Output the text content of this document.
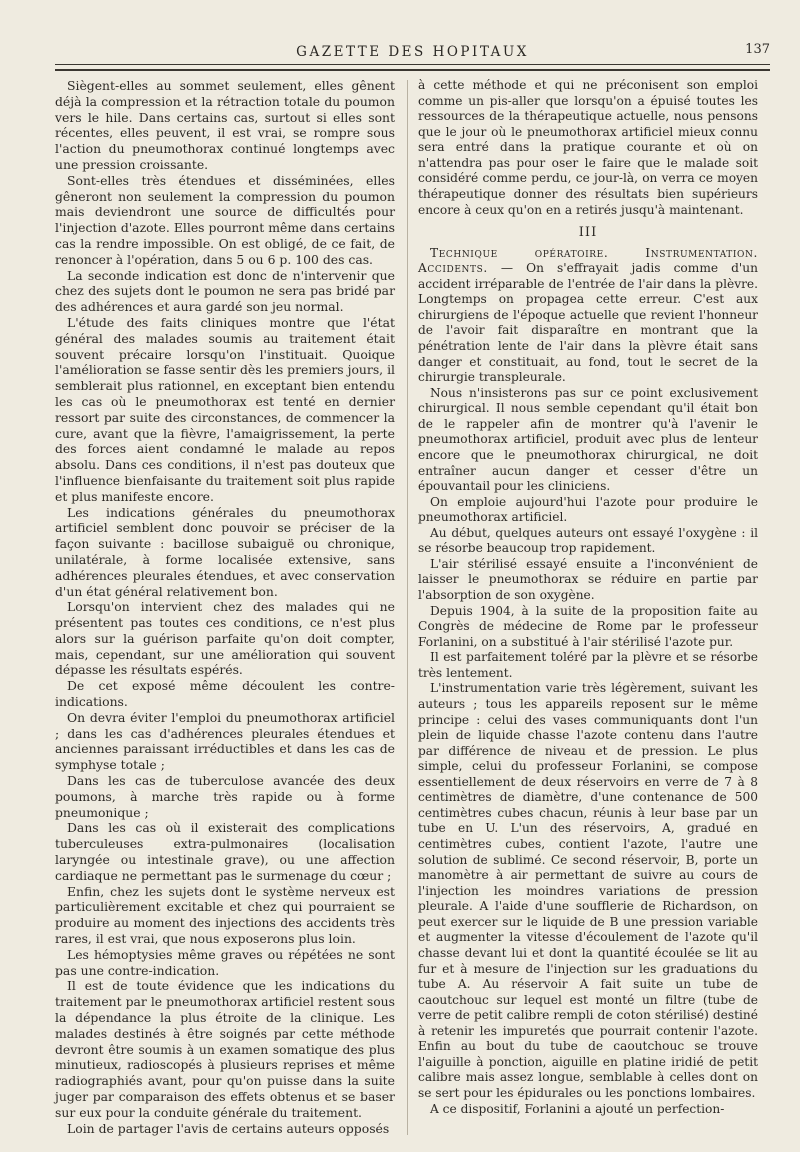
GAZETTE DES HOPITAUX	137

Siègent-elles au sommet seulement, elles gênent déjà la compression et la rétraction totale du poumon vers le hile. Dans certains cas, surtout si elles sont récentes, elles peuvent, il est vrai, se rompre sous l'action du pneumothorax continué longtemps avec une pression croissante.

Sont-elles très étendues et disséminées, elles gêneront non seulement la compression du poumon mais deviendront une source de difficultés pour l'injection d'azote. Elles pourront même dans certains cas la rendre impossible. On est obligé, de ce fait, de renoncer à l'opération, dans 5 ou 6 p. 100 des cas.

La seconde indication est donc de n'intervenir que chez des sujets dont le poumon ne sera pas bridé par des adhérences et aura gardé son jeu normal.

L'étude des faits cliniques montre que l'état général des malades soumis au traitement était souvent précaire lorsqu'on l'instituait. Quoique l'amélioration se fasse sentir dès les premiers jours, il semblerait plus rationnel, en exceptant bien entendu les cas où le pneumothorax est tenté en dernier ressort par suite des circonstances, de commencer la cure, avant que la fièvre, l'amaigrissement, la perte des forces aient condamné le malade au repos absolu. Dans ces conditions, il n'est pas douteux que l'influence bienfaisante du traitement soit plus rapide et plus manifeste encore.

Les indications générales du pneumothorax artificiel semblent donc pouvoir se préciser de la façon suivante : bacillose subaiguë ou chronique, unilatérale, à forme localisée extensive, sans adhérences pleurales étendues, et avec conservation d'un état général relativement bon.

Lorsqu'on intervient chez des malades qui ne présentent pas toutes ces conditions, ce n'est plus alors sur la guérison parfaite qu'on doit compter, mais, cependant, sur une amélioration qui souvent dépasse les résultats espérés.

De cet exposé même découlent les contre-indications.

On devra éviter l'emploi du pneumothorax artificiel ; dans les cas d'adhérences pleurales étendues et anciennes paraissant irréductibles et dans les cas de symphyse totale ;

Dans les cas de tuberculose avancée des deux poumons, à marche très rapide ou à forme pneumonique ;

Dans les cas où il existerait des complications tuberculeuses extra-pulmonaires (localisation laryngée ou intestinale grave), ou une affection cardiaque ne permettant pas le surmenage du cœur ;

Enfin, chez les sujets dont le système nerveux est particulièrement excitable et chez qui pourraient se produire au moment des injections des accidents très rares, il est vrai, que nous exposerons plus loin.

Les hémoptysies même graves ou répétées ne sont pas une contre-indication.

Il est de toute évidence que les indications du traitement par le pneumothorax artificiel restent sous la dépendance la plus étroite de la clinique. Les malades destinés à être soignés par cette méthode devront être soumis à un examen somatique des plus minutieux, radioscopés à plusieurs reprises et même radiographiés avant, pour qu'on puisse dans la suite juger par comparaison des effets obtenus et se baser sur eux pour la conduite générale du traitement.

Loin de partager l'avis de certains auteurs opposés

à cette méthode et qui ne préconisent son emploi comme un pis-aller que lorsqu'on a épuisé toutes les ressources de la thérapeutique actuelle, nous pensons que le jour où le pneumothorax artificiel mieux connu sera entré dans la pratique courante et où on n'attendra pas pour oser le faire que le malade soit considéré comme perdu, ce jour-là, on verra ce moyen thérapeutique donner des résultats bien supérieurs encore à ceux qu'on en a retirés jusqu'à maintenant.

III

Technique opératoire. Instrumentation. Accidents. — On s'effrayait jadis comme d'un accident irréparable de l'entrée de l'air dans la plèvre. Longtemps on propagea cette erreur. C'est aux chirurgiens de l'époque actuelle que revient l'honneur de l'avoir fait disparaître en montrant que la pénétration lente de l'air dans la plèvre était sans danger et constituait, au fond, tout le secret de la chirurgie transpleurale.

Nous n'insisterons pas sur ce point exclusivement chirurgical. Il nous semble cependant qu'il était bon de le rappeler afin de montrer qu'à l'avenir le pneumothorax artificiel, produit avec plus de lenteur encore que le pneumothorax chirurgical, ne doit entraîner aucun danger et cesser d'être un épouvantail pour les cliniciens.

On emploie aujourd'hui l'azote pour produire le pneumothorax artificiel.

Au début, quelques auteurs ont essayé l'oxygène : il se résorbe beaucoup trop rapidement.

L'air stérilisé essayé ensuite a l'inconvénient de laisser le pneumothorax se réduire en partie par l'absorption de son oxygène.

Depuis 1904, à la suite de la proposition faite au Congrès de médecine de Rome par le professeur Forlanini, on a substitué à l'air stérilisé l'azote pur.

Il est parfaitement toléré par la plèvre et se résorbe très lentement.

L'instrumentation varie très légèrement, suivant les auteurs ; tous les appareils reposent sur le même principe : celui des vases communiquants dont l'un plein de liquide chasse l'azote contenu dans l'autre par différence de niveau et de pression. Le plus simple, celui du professeur Forlanini, se compose essentiellement de deux réservoirs en verre de 7 à 8 centimètres de diamètre, d'une contenance de 500 centimètres cubes chacun, réunis à leur base par un tube en U. L'un des réservoirs, A, gradué en centimètres cubes, contient l'azote, l'autre une solution de sublimé. Ce second réservoir, B, porte un manomètre à air permettant de suivre au cours de l'injection les moindres variations de pression pleurale. A l'aide d'une soufflerie de Richardson, on peut exercer sur le liquide de B une pression variable et augmenter la vitesse d'écoulement de l'azote qu'il chasse devant lui et dont la quantité écoulée se lit au fur et à mesure de l'injection sur les graduations du tube A. Au réservoir A fait suite un tube de caoutchouc sur lequel est monté un filtre (tube de verre de petit calibre rempli de coton stérilisé) destiné à retenir les impuretés que pourrait contenir l'azote. Enfin au bout du tube de caoutchouc se trouve l'aiguille à ponction, aiguille en platine iridié de petit calibre mais assez longue, semblable à celles dont on se sert pour les épidurales ou les ponctions lombaires.

A ce dispositif, Forlanini a ajouté un perfection-
